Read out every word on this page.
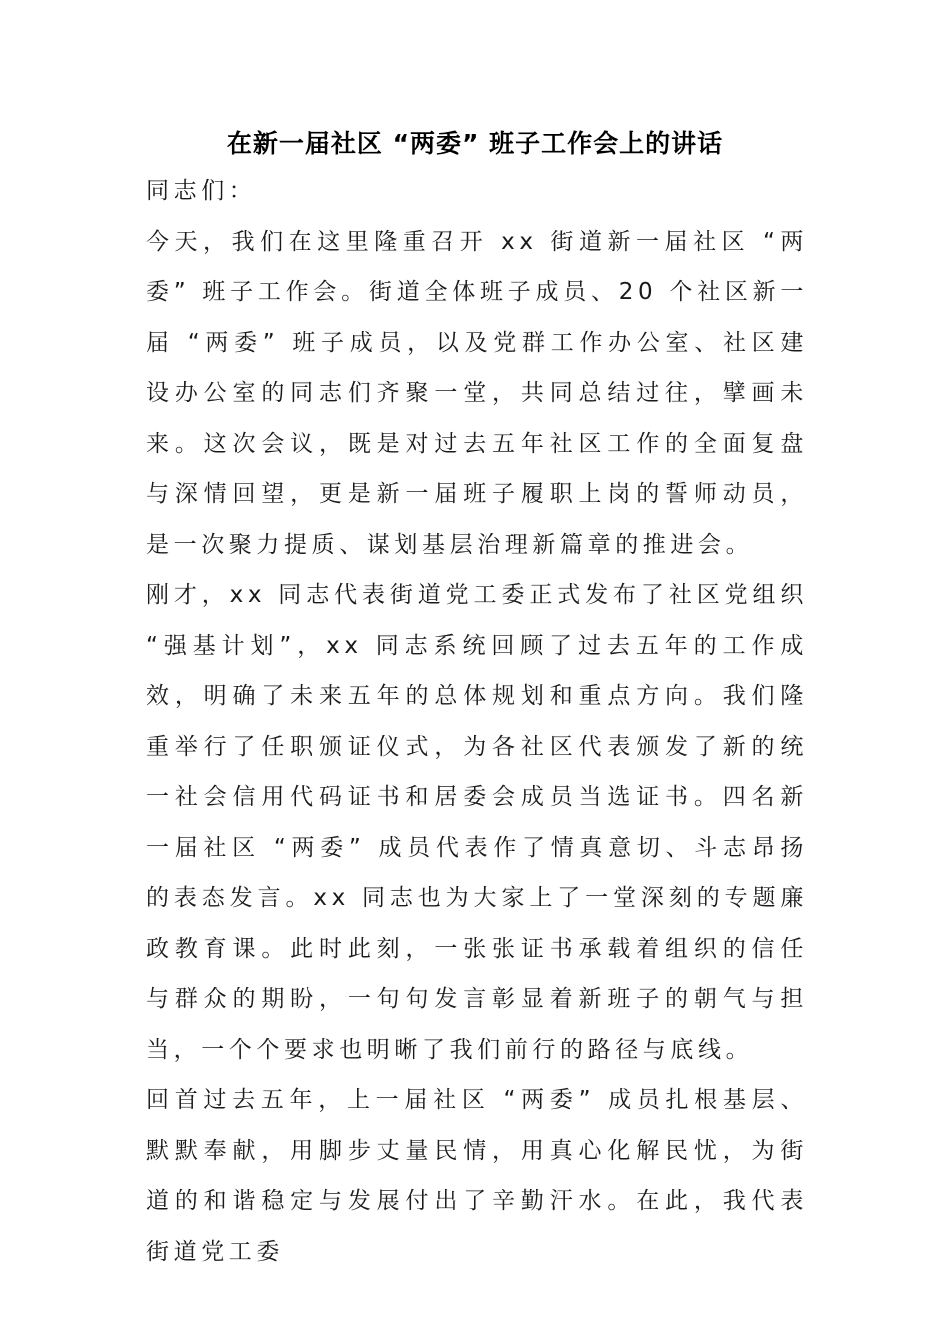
在新一届社区 “两委” 班子工作会上的讲话

同志们：

今天，我们在这里隆重召开 xx 街道新一届社区 “两委” 班子工作会。街道全体班子成员、20 个社区新一届 “两委” 班子成员，以及党群工作办公室、社区建设办公室的同志们齐聚一堂，共同总结过往，擘画未来。这次会议，既是对过去五年社区工作的全面复盘与深情回望，更是新一届班子履职上岗的誓师动员，是一次聚力提质、谋划基层治理新篇章的推进会。

刚才，xx 同志代表街道党工委正式发布了社区党组织 “强基计划”，xx 同志系统回顾了过去五年的工作成效，明确了未来五年的总体规划和重点方向。我们隆重举行了任职颁证仪式，为各社区代表颁发了新的统一社会信用代码证书和居委会成员当选证书。四名新一届社区 “两委” 成员代表作了情真意切、斗志昂扬的表态发言。xx 同志也为大家上了一堂深刻的专题廉政教育课。此时此刻，一张张证书承载着组织的信任与群众的期盼，一句句发言彰显着新班子的朝气与担当，一个个要求也明晰了我们前行的路径与底线。

回首过去五年，上一届社区 “两委” 成员扎根基层、默默奉献，用脚步丈量民情，用真心化解民忧，为街道的和谐稳定与发展付出了辛勤汗水。在此，我代表街道党工委
